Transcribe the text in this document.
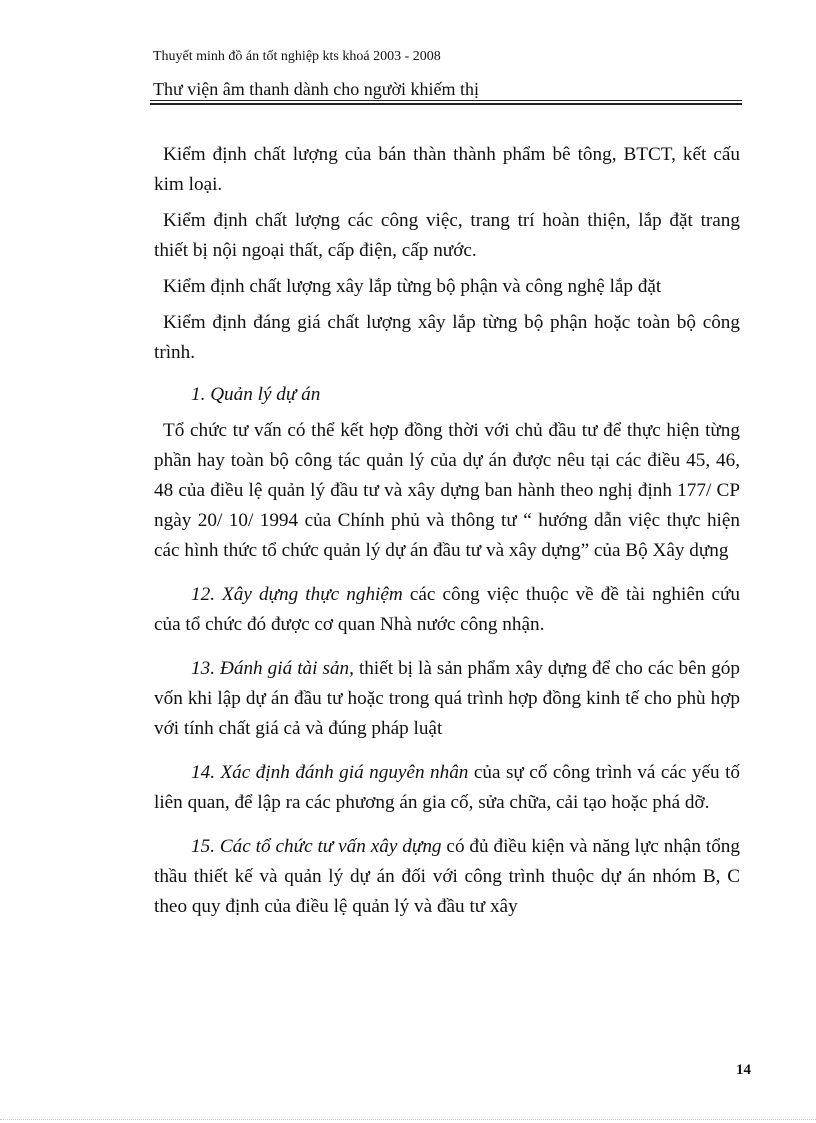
Thuyết minh đồ án tốt nghiệp kts khoá 2003 - 2008
Thư viện âm thanh dành cho người khiếm thị

Kiểm định chất lượng của bán thàn thành phẩm bê tông, BTCT, kết cấu kim loại.

Kiểm định chất lượng các công việc, trang trí hoàn thiện, lắp đặt trang thiết bị nội ngoại thất, cấp điện, cấp nước.

Kiểm định chất lượng xây lắp từng bộ phận và công nghệ lắp đặt

Kiểm định đáng giá chất lượng xây lắp từng bộ phận hoặc toàn bộ công trình.

1. Quản lý dự án

Tổ chức tư vấn có thể kết hợp đồng thời với chủ đầu tư để thực hiện từng phần hay toàn bộ công tác quản lý của dự án được nêu tại các điều 45, 46, 48 của điều lệ quản lý đầu tư và xây dựng ban hành theo nghị định 177/ CP ngày 20/ 10/ 1994 của Chính phủ và thông tư “ hướng dẫn việc thực hiện các hình thức tổ chức quản lý dự án đầu tư và xây dựng” của Bộ Xây dựng

12. Xây dựng thực nghiệm các công việc thuộc về đề tài nghiên cứu của tổ chức đó được cơ quan Nhà nước công nhận.

13. Đánh giá tài sản, thiết bị là sản phẩm xây dựng để cho các bên góp vốn khi lập dự án đầu tư hoặc trong quá trình hợp đồng kinh tế cho phù hợp với tính chất giá cả và đúng pháp luật

14. Xác định đánh giá nguyên nhân của sự cố công trình vá các yếu tố liên quan, để lập ra các phương án gia cố, sửa chữa, cải tạo hoặc phá dỡ.

15. Các tổ chức tư vấn xây dựng có đủ điều kiện và năng lực nhận tổng thầu thiết kế và quản lý dự án đối với công trình thuộc dự án nhóm B, C theo quy định của điều lệ quản lý và đầu tư xây

14
